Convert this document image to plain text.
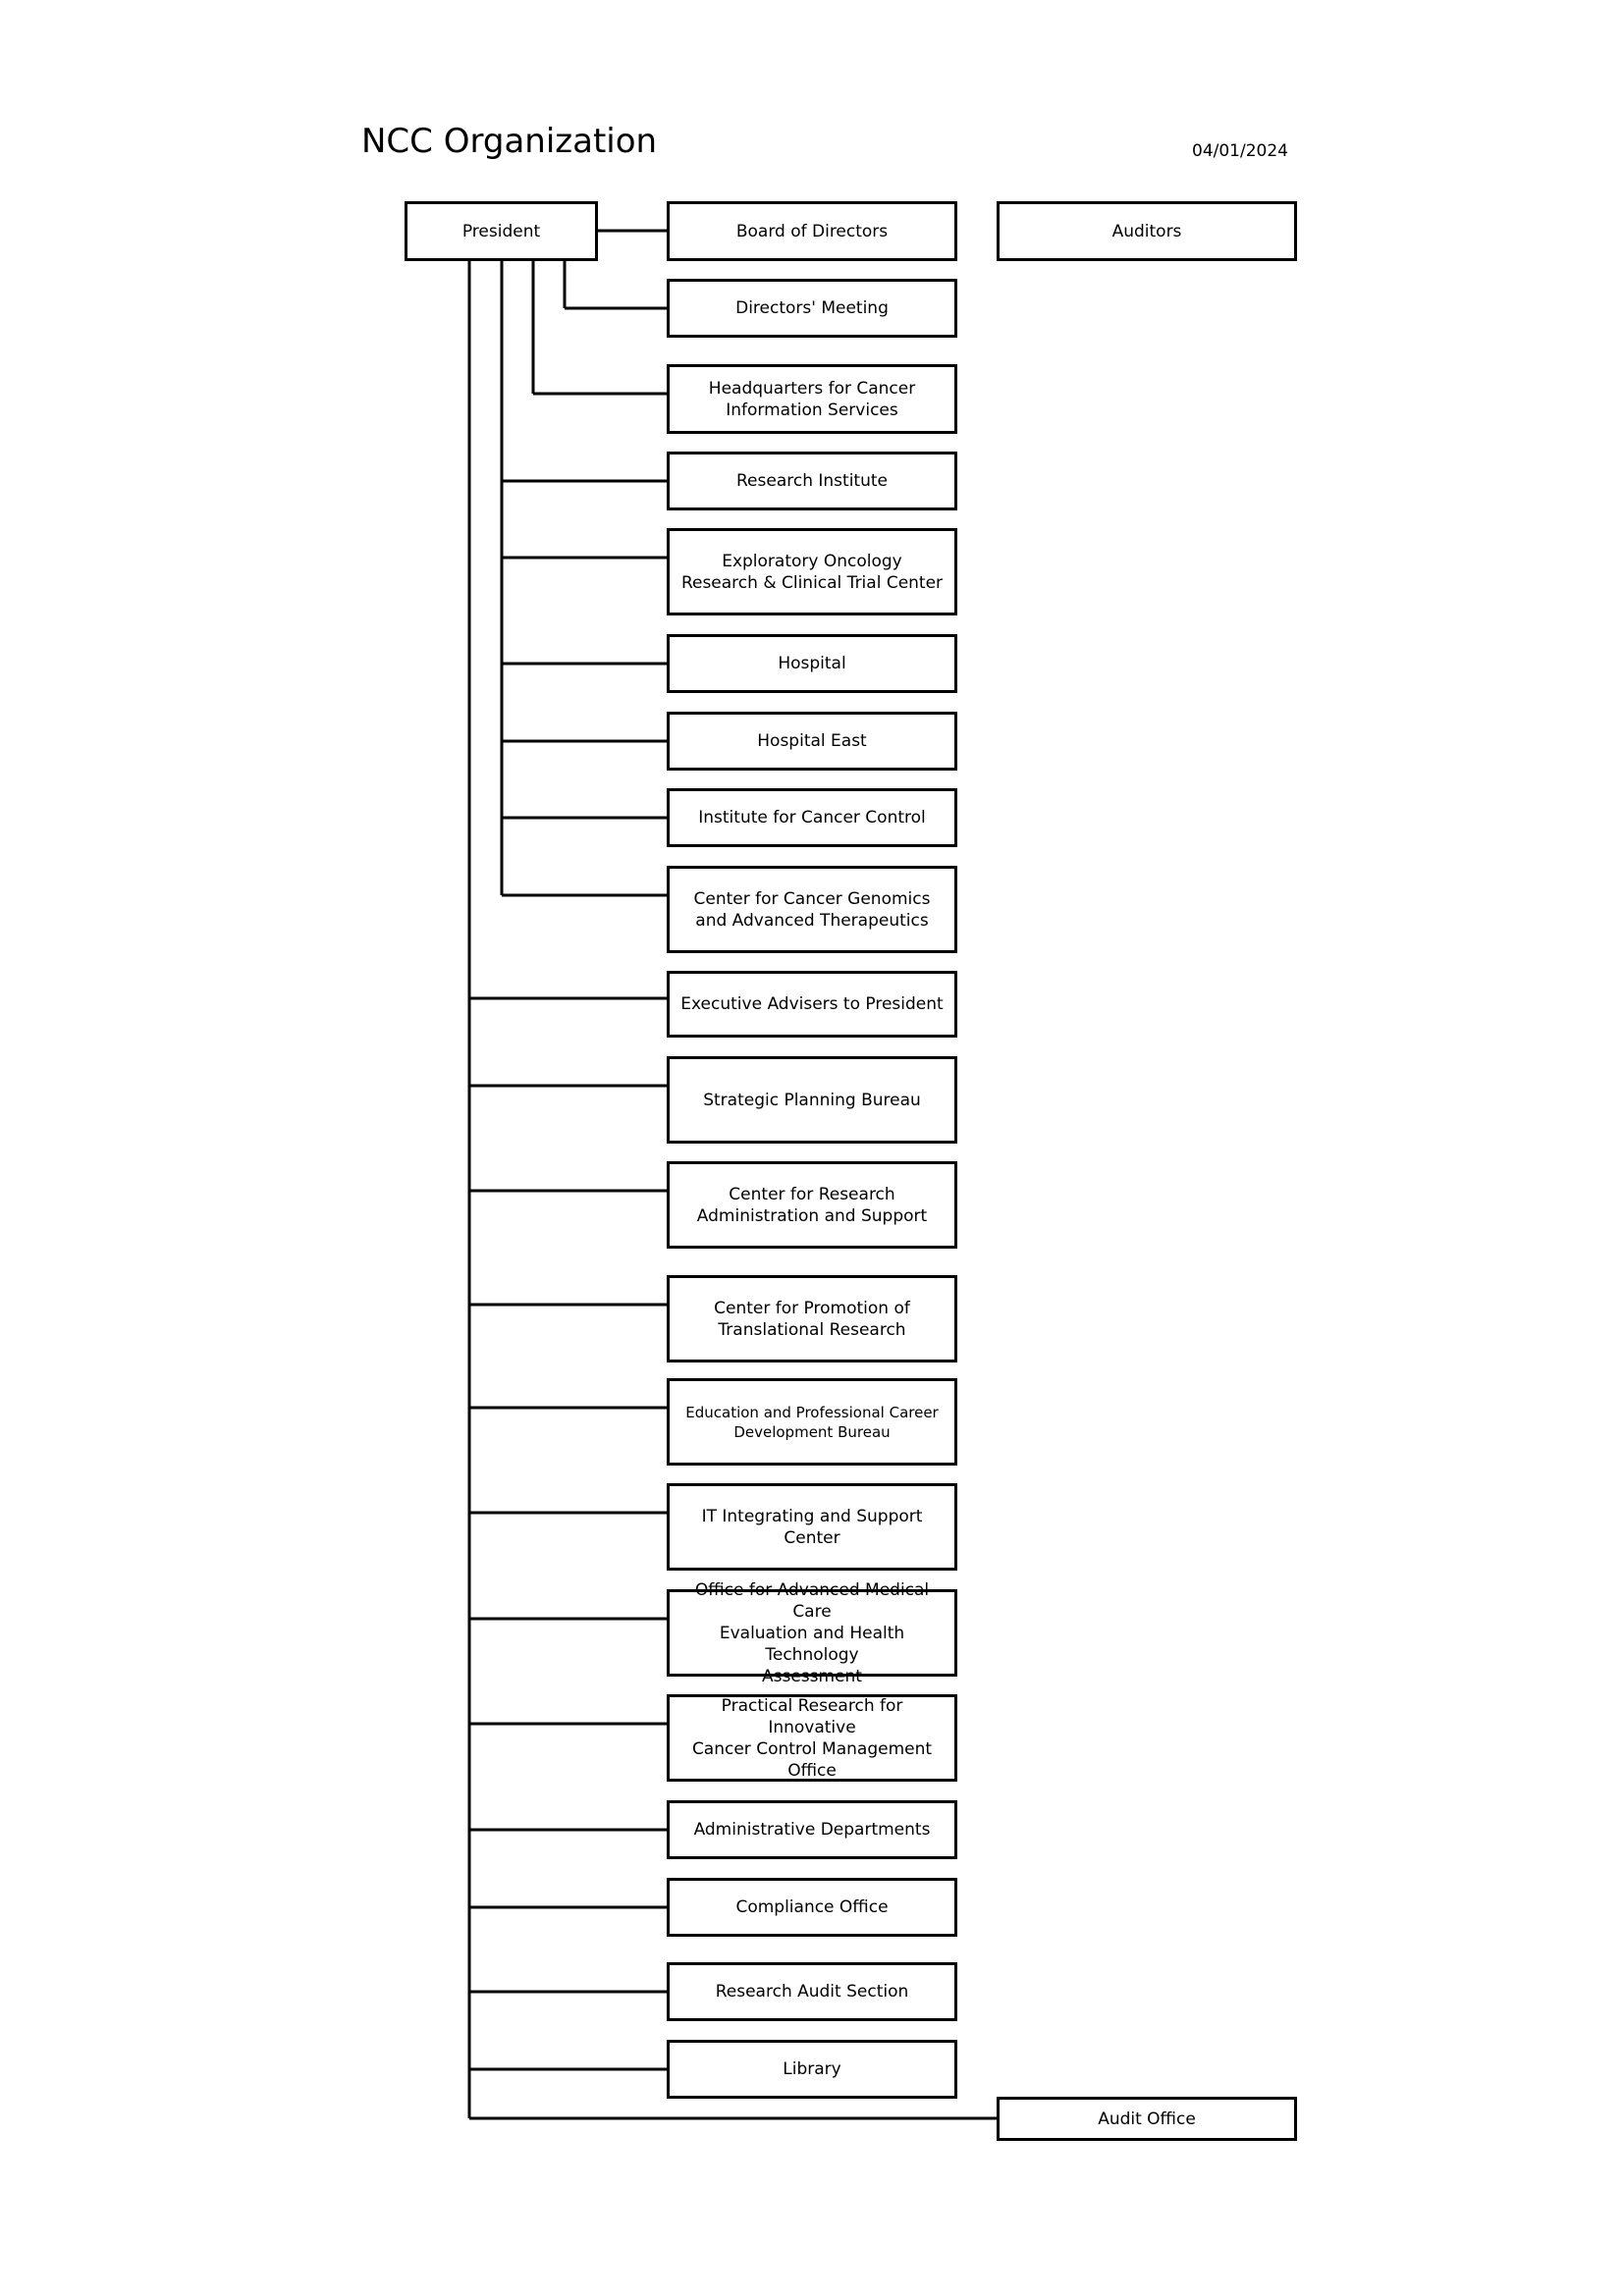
NCC Organization	04/01/2024
President	Auditors
Audit Office
Board of Directors
Directors' Meeting
Headquarters for Cancer
Information Services
Research Institute
Exploratory Oncology
Research & Clinical Trial Center
Hospital
Hospital East
Institute for Cancer Control
Center for Cancer Genomics
and Advanced Therapeutics
Executive Advisers to President
Strategic Planning Bureau
Center for Research
Administration and Support
Center for Promotion of
Translational Research
Education and Professional Career
Development Bureau
IT Integrating and Support Center
Office for Advanced Medical Care
Evaluation and Health Technology
Assessment
Practical Research for Innovative
Cancer Control Management
Office
Administrative Departments
Compliance Office
Research Audit Section
Library
